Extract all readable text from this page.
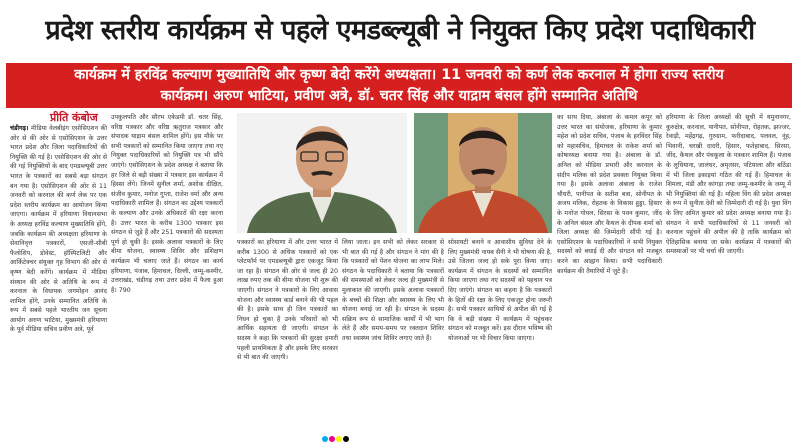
प्रदेश स्तरीय कार्यक्रम से पहले एमडब्ल्यूबी ने नियुक्त किए प्रदेश पदाधिकारी
कार्यक्रम में हरविंद्र कल्याण मुख्यातिथि और कृष्ण बेदी करेंगे अध्यक्षता। 11 जनवरी को कर्ण लेक करनाल में होगा राज्य स्तरीय
कार्यक्रम। अरुण भाटिया, प्रवीण अत्रे, डॉ. चतर सिंह और याद्राम बंसल होंगे सम्मानित अतिथि
प्रीति कंबोज
चंडीगढ़। मीडिया वेलबीइंग एसोसिएशन की ओर से की ओर से एसोसिएशन के उत्तर भारत प्रदेश और जिला पदाधिकारियों की नियुक्ति की गई है। एसोसिएशन की ओर से की गई नियुक्तियों के बाद एमडब्ल्यूबी उत्तर भारत के पत्रकारों का सबसे बड़ा संगठन बन गया है। एसोसिएशन की ओर से 11 जनवरी को करनाल की कर्ण लेक पर एक प्रदेश स्तरीय कार्यक्रम का आयोजन किया जाएगा। कार्यक्रम में हरियाणा विधानसभा के अध्यक्ष हरविंद्र कल्याण मुख्यातिथि होंगे, जबकि कार्यक्रम की अध्यक्षता हरियाणा के सेवानिवृत्त पत्रकारों, एसजी-सीबी फैलोशिप, डोवेस्ट, हॉस्पिटलिटी और आर्किटेक्चर संयुक्त गृह विभाग की ओर से कृष्ण बेदी करेंगे। कार्यक्रम में मीडिया संस्थान की ओर से अतिथि के रूप में करनाल के विधायक जगमोहन आनंद शामिल होंगे, उनके सम्मानित अतिथि के रूप में सबसे पहले भारतीय जन सूचना आयोग अरुण भाटिया, मुख्यमंत्री हरियाणा के पूर्व मीडिया सचिव प्रवीण अत्रे, पूर्व
उपकुलपति और सौरभ एकेडमी डॉ. चतर सिंह, वरिष्ठ पत्रकार और वरिष्ठ ऋतुराज पत्रकार और संपादक याद्राम बंसल शामिल होंगे। इस मौके पर सभी पत्रकारों को सम्मानित किया जाएगा तथा नए नियुक्त पदाधिकारियों को नियुक्ति पत्र भी सौंपे जाएंगे। एसोसिएशन के प्रदेश अध्यक्ष ने बताया कि हर जिले से बड़ी संख्या में पत्रकार इस कार्यक्रम में हिस्सा लेंगे। जिनमें सुनील शर्मा, अशोक दीक्षित, संजीव कुमार, मनोज गुप्ता, राजेश वर्मा और अन्य पदाधिकारी शामिल हैं। संगठन का उद्देश्य पत्रकारों के कल्याण और उनके अधिकारों की रक्षा करना है। उत्तर भारत के करीब 1300 पत्रकार इस संगठन से जुड़े हैं और 251 पत्रकारों की सदस्यता पूर्ण हो चुकी है। इसके अलावा पत्रकारों के लिए बीमा योजना, स्वास्थ्य शिविर और प्रशिक्षण कार्यक्रम भी चलाए जाते हैं। संगठन का कार्य हरियाणा, पंजाब, हिमाचल, दिल्ली, जम्मू-कश्मीर, उत्तराखंड, चंडीगढ़ तथा उत्तर प्रदेश में फैला हुआ है। 790
का साथ दिया, अंबाला के कमल कपूर को उत्तर भारत का संयोजक, हरियाणा के कुमार महेश को प्रदेश सचिव, पंजाब के हरविंदर सिंह को महासचिव, हिमाचल के राकेश शर्मा को कोषाध्यक्ष बनाया गया है। अंबाला के डॉ. अनिल को मीडिया प्रभारी और करनाल के संदीप मलिक को प्रदेश प्रवक्ता नियुक्त किया गया है। इसके अलावा अंबाला के राजेश चौधरी, पानीपत के सतीश बत्रा, सोनीपत के अजय मलिक, रोहतक के विकास हुड्डा, हिसार के मनोज गोयल, सिरसा के पवन कुमार, जींद के अनिल बंसल और कैथल के दीपक शर्मा को जिला अध्यक्ष की जिम्मेदारी सौंपी गई है। एसोसिएशन के पदाधिकारियों ने सभी नियुक्त सदस्यों को बधाई दी और संगठन को मजबूत करने का आह्वान किया। सभी पदाधिकारी कार्यक्रम की तैयारियों में जुटे हैं।
हरियाणा के जिला अध्यक्षों की सूची में यमुनानगर, कुरुक्षेत्र, करनाल, पानीपत, सोनीपत, रोहतक, झज्जर, रेवाड़ी, महेंद्रगढ़, गुरुग्राम, फरीदाबाद, पलवल, नूंह, भिवानी, चरखी दादरी, हिसार, फतेहाबाद, सिरसा, जींद, कैथल और पंचकूला के पत्रकार शामिल हैं। पंजाब के लुधियाना, जालंधर, अमृतसर, पटियाला और बठिंडा में भी जिला इकाइयां गठित की गई हैं। हिमाचल के शिमला, मंडी और कांगड़ा तथा जम्मू-कश्मीर के जम्मू में भी नियुक्तियां की गई हैं। महिला विंग की प्रदेश अध्यक्ष के रूप में सुनीता देवी को जिम्मेदारी दी गई है। युवा विंग के लिए अमित कुमार को प्रदेश अध्यक्ष बनाया गया है। संगठन ने सभी पदाधिकारियों से 11 जनवरी को करनाल पहुंचने की अपील की है ताकि कार्यक्रम को ऐतिहासिक बनाया जा सके। कार्यक्रम में पत्रकारों की समस्याओं पर भी चर्चा की जाएगी।
पत्रकारों का हरियाणा में और उत्तर भारत में करीब 1300 से अधिक पत्रकारों को एक प्लेटफॉर्म पर एमडब्ल्यूबी द्वारा एकजुट किया जा रहा है। संगठन की ओर से जल्द ही 20 लाख रुपए तक की बीमा योजना भी शुरू की जाएगी। संगठन ने पत्रकारों के लिए आवास योजना और स्वास्थ्य कार्ड बनाने की भी पहल की है। इसके साथ ही जिन पत्रकारों का निधन हो चुका है उनके परिवारों को भी आर्थिक सहायता दी जाएगी। संगठन के सदस्य ने कहा कि पत्रकारों की सुरक्षा हमारी पहली प्राथमिकता है और इसके लिए सरकार से भी बात की जाएगी।
लिया जाता। इन सभी को लेकर सरकार से भी बात की गई है और संगठन ने मांग की है कि पत्रकारों को पेंशन योजना का लाभ मिले। संगठन के पदाधिकारी ने बताया कि पत्रकारों की समस्याओं को लेकर जल्द ही मुख्यमंत्री से मुलाकात की जाएगी। इसके अलावा पत्रकारों के बच्चों की शिक्षा और स्वास्थ्य के लिए भी योजना बनाई जा रही है। संगठन के सदस्य सक्रिय रूप से सामाजिक कार्यों में भी भाग लेते हैं और समय-समय पर रक्तदान शिविर तथा स्वास्थ्य जांच शिविर लगाए जाते हैं।
सोसायटी बनाने व आवासीय सुविधा देने के लिए मुख्यमंत्री नायब सैनी ने भी घोषणा की है, उसे जितना जल्द हो सके पूरा किया जाए। कार्यक्रम में संगठन के सदस्यों को सम्मानित किया जाएगा तथा नए सदस्यों को पहचान पत्र दिए जाएंगे। संगठन का कहना है कि पत्रकारों के हितों की रक्षा के लिए एकजुट होना जरूरी है। सभी पत्रकार साथियों से अपील की गई है कि वे बड़ी संख्या में कार्यक्रम में पहुंचकर संगठन को मजबूत करें। इस दौरान भविष्य की योजनाओं पर भी विचार किया जाएगा।
